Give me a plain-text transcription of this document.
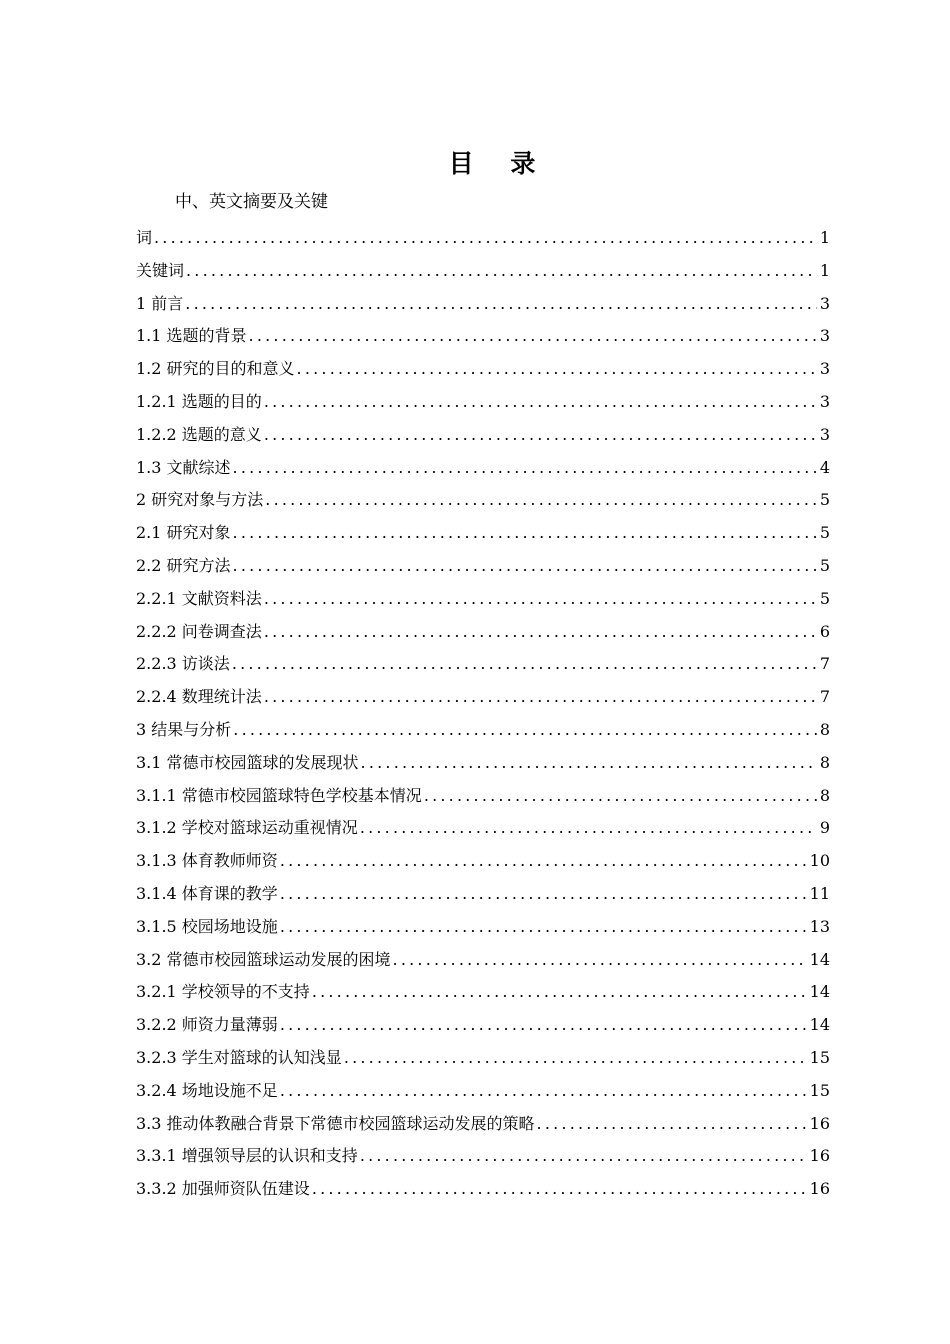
目 录
中、英文摘要及关键
词 .....	1
关键词 .....	1
1 前言 .....	3
1.1 选题的背景 .....	3
1.2 研究的目的和意义 .....	3
1.2.1 选题的目的 .....	3
1.2.2 选题的意义 .....	3
1.3 文献综述 .....	4
2 研究对象与方法 .....	5
2.1 研究对象 .....	5
2.2 研究方法 .....	5
2.2.1 文献资料法 .....	5
2.2.2 问卷调查法 .....	6
2.2.3 访谈法 .....	7
2.2.4 数理统计法 .....	7
3 结果与分析 .....	8
3.1 常德市校园篮球的发展现状 .....	8
3.1.1 常德市校园篮球特色学校基本情况 .....	8
3.1.2 学校对篮球运动重视情况 .....	9
3.1.3 体育教师师资 .....	10
3.1.4 体育课的教学 .....	11
3.1.5 校园场地设施 .....	13
3.2 常德市校园篮球运动发展的困境 .....	14
3.2.1 学校领导的不支持 .....	14
3.2.2 师资力量薄弱 .....	14
3.2.3 学生对篮球的认知浅显 .....	15
3.2.4 场地设施不足 .....	15
3.3 推动体教融合背景下常德市校园篮球运动发展的策略 .....	16
3.3.1 增强领导层的认识和支持 .....	16
3.3.2 加强师资队伍建设 .....	16
